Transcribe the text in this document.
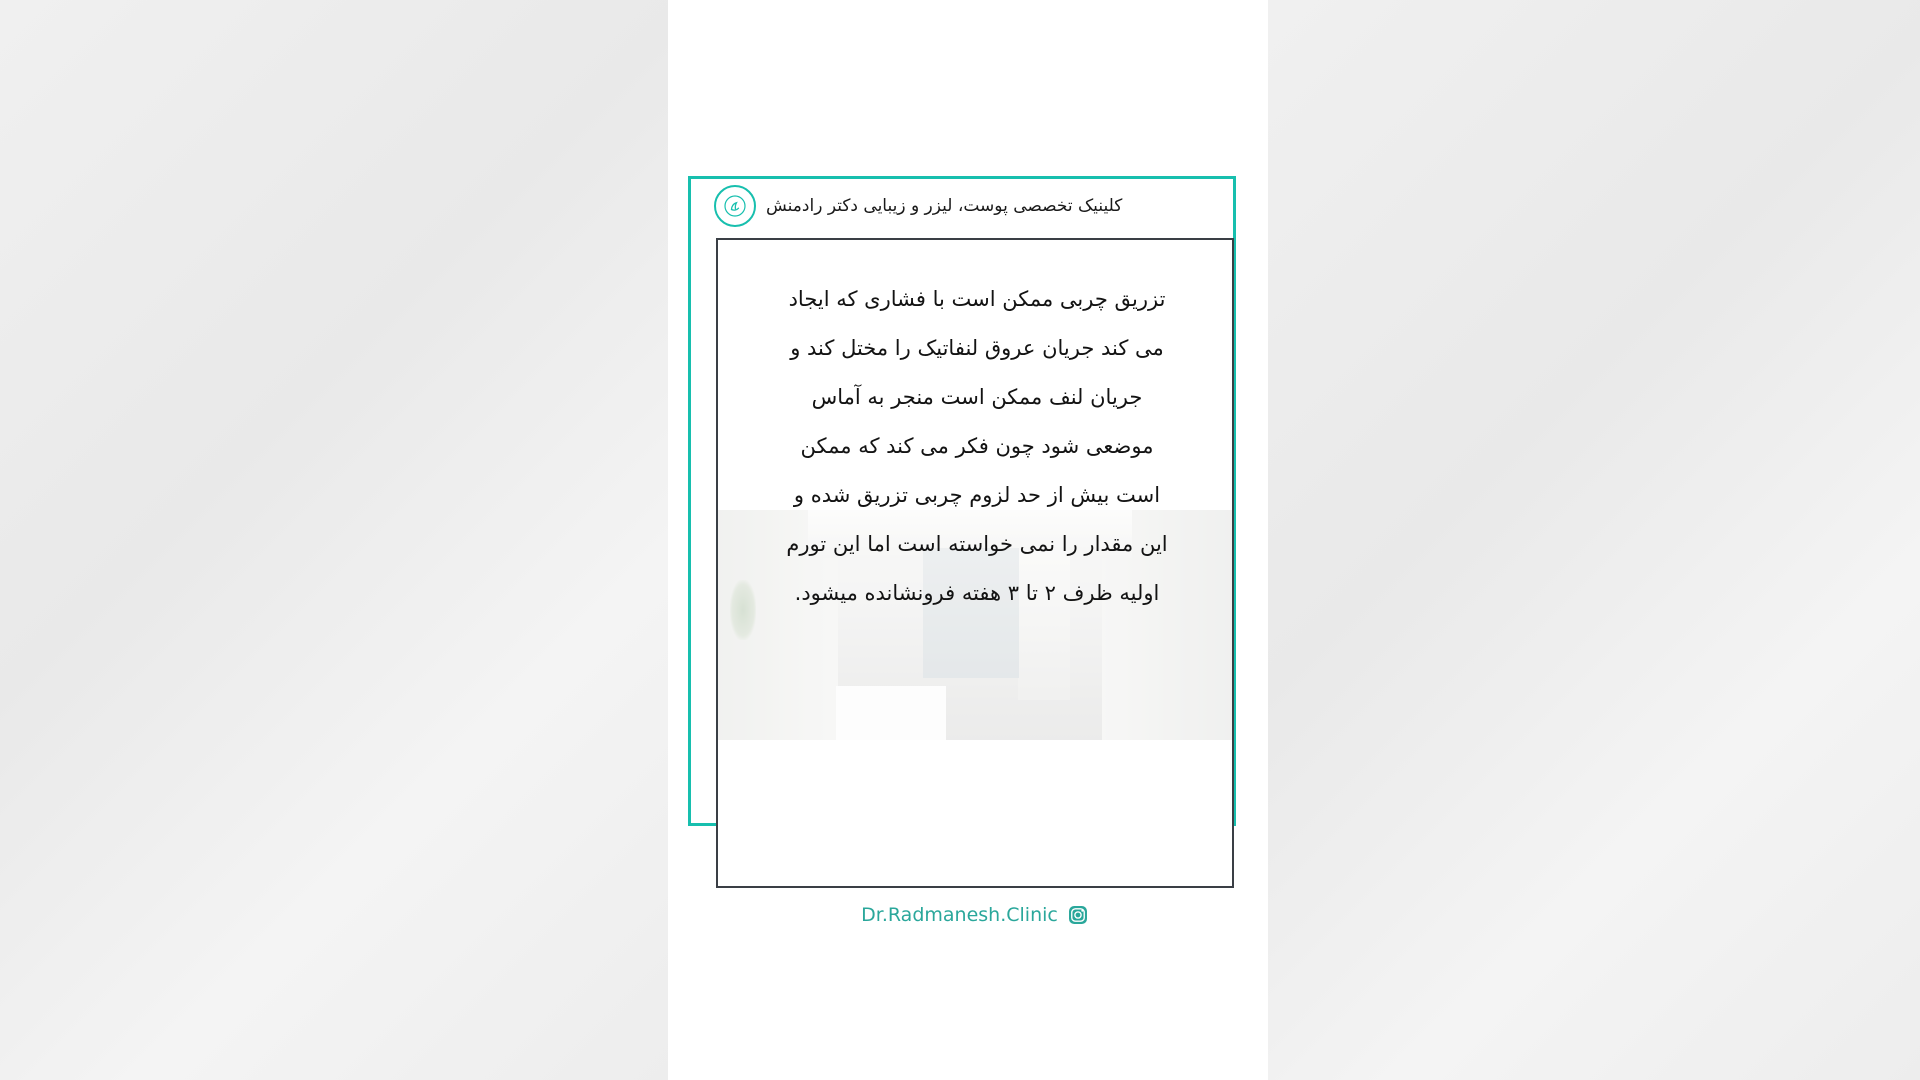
کلینیک تخصصی پوست، لیزر و زیبایی دکتر رادمنش

تزریق چربی ممکن است با فشاری که ایجاد

می کند جریان عروق لنفاتیک را مختل کند و

جریان لنف ممکن است منجر به آماس

موضعی شود چون فکر می کند که ممکن

است بیش از حد لزوم چربی تزریق شده و

این مقدار را نمی خواسته است اما این تورم

اولیه ظرف ۲ تا ۳ هفته فرونشانده میشود.

Dr.Radmanesh.Clinic
